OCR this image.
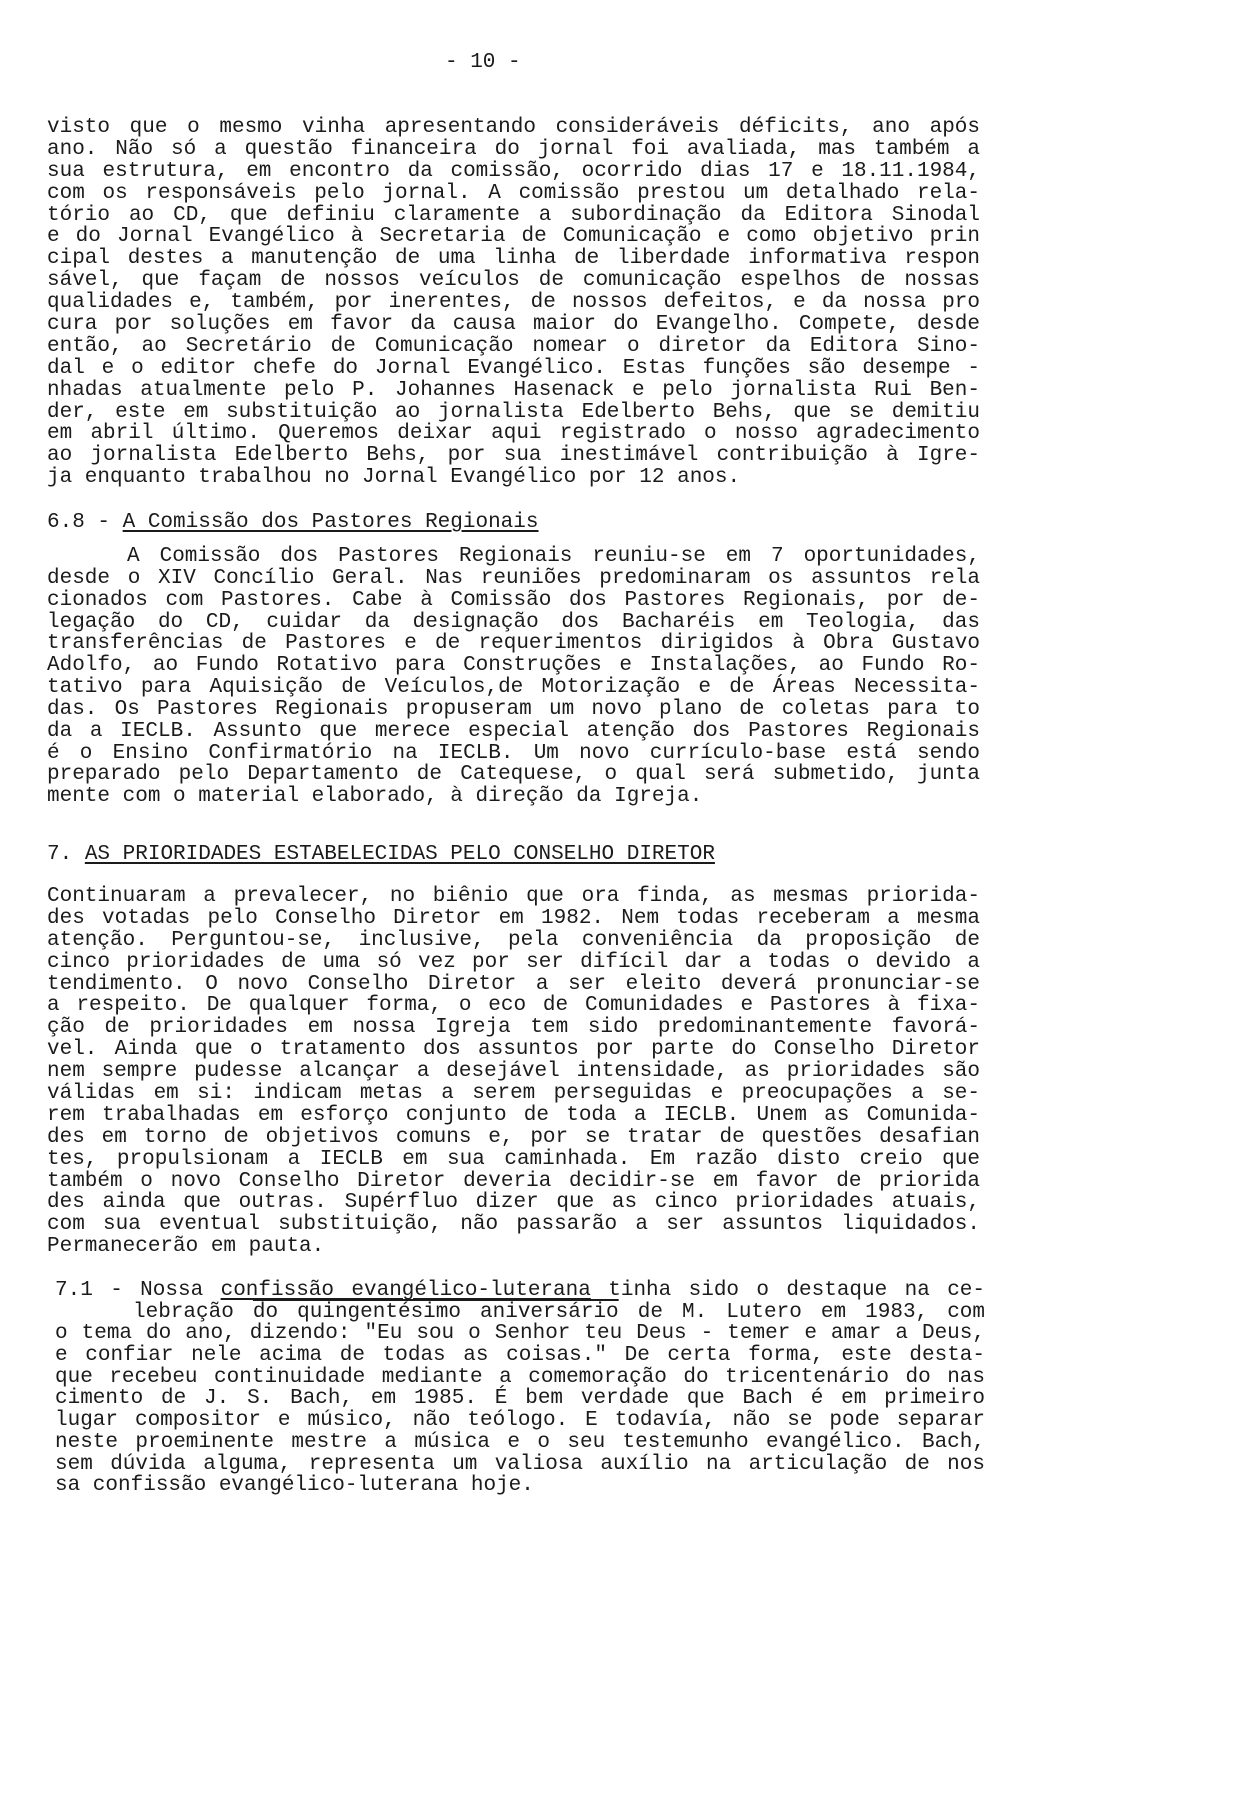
- 10 -
visto que o mesmo vinha apresentando consideráveis déficits, ano após
ano. Não só a questão financeira do jornal foi avaliada, mas também a
sua estrutura, em encontro da comissão, ocorrido dias 17 e 18.11.1984,
com os responsáveis pelo jornal. A comissão prestou um detalhado rela-
tório ao CD, que definiu claramente a subordinação da Editora Sinodal
e do Jornal Evangélico à Secretaria de Comunicação e como objetivo prin
cipal destes a manutenção de uma linha de liberdade informativa respon
sável, que façam de nossos veículos de comunicação espelhos de nossas
qualidades e, também, por inerentes, de nossos defeitos, e da nossa pro
cura por soluções em favor da causa maior do Evangelho. Compete, desde
então, ao Secretário de Comunicação nomear o diretor da Editora Sino-
dal e o editor chefe do Jornal Evangélico. Estas funções são desempe -
nhadas atualmente pelo P. Johannes Hasenack e pelo jornalista Rui Ben-
der, este em substituição ao jornalista Edelberto Behs, que se demitiu
em abril último. Queremos deixar aqui registrado o nosso agradecimento
ao jornalista Edelberto Behs, por sua inestimável contribuição à Igre-
ja enquanto trabalhou no Jornal Evangélico por 12 anos.
6.8 - A Comissão dos Pastores Regionais
A Comissão dos Pastores Regionais reuniu-se em 7 oportunidades,
desde o XIV Concílio Geral. Nas reuniões predominaram os assuntos rela
cionados com Pastores. Cabe à Comissão dos Pastores Regionais, por de-
legação do CD, cuidar da designação dos Bacharéis em Teologia, das
transferências de Pastores e de requerimentos dirigidos à Obra Gustavo
Adolfo, ao Fundo Rotativo para Construções e Instalações, ao Fundo Ro-
tativo para Aquisição de Veículos,de Motorização e de Áreas Necessita-
das. Os Pastores Regionais propuseram um novo plano de coletas para to
da a IECLB. Assunto que merece especial atenção dos Pastores Regionais
é o Ensino Confirmatório na IECLB. Um novo currículo-base está sendo
preparado pelo Departamento de Catequese, o qual será submetido, junta
mente com o material elaborado, à direção da Igreja.
7. AS PRIORIDADES ESTABELECIDAS PELO CONSELHO DIRETOR
Continuaram a prevalecer, no biênio que ora finda, as mesmas priorida-
des votadas pelo Conselho Diretor em 1982. Nem todas receberam a mesma
atenção. Perguntou-se, inclusive, pela conveniência da proposição de
cinco prioridades de uma só vez por ser difícil dar a todas o devido a
tendimento. O novo Conselho Diretor a ser eleito deverá pronunciar-se
a respeito. De qualquer forma, o eco de Comunidades e Pastores à fixa-
ção de prioridades em nossa Igreja tem sido predominantemente favorá-
vel. Ainda que o tratamento dos assuntos por parte do Conselho Diretor
nem sempre pudesse alcançar a desejável intensidade, as prioridades são
válidas em si: indicam metas a serem perseguidas e preocupações a se-
rem trabalhadas em esforço conjunto de toda a IECLB. Unem as Comunida-
des em torno de objetivos comuns e, por se tratar de questões desafian
tes, propulsionam a IECLB em sua caminhada. Em razão disto creio que
também o novo Conselho Diretor deveria decidir-se em favor de priorida
des ainda que outras. Supérfluo dizer que as cinco prioridades atuais,
com sua eventual substituição, não passarão a ser assuntos liquidados.
Permanecerão em pauta.
7.1 - Nossa confissão evangélico-luterana tinha sido o destaque na ce-
lebração do quingentésimo aniversário de M. Lutero em 1983, com
o tema do ano, dizendo: "Eu sou o Senhor teu Deus - temer e amar a Deus,
e confiar nele acima de todas as coisas." De certa forma, este desta-
que recebeu continuidade mediante a comemoração do tricentenário do nas
cimento de J. S. Bach, em 1985. É bem verdade que Bach é em primeiro
lugar compositor e músico, não teólogo. E todavía, não se pode separar
neste proeminente mestre a música e o seu testemunho evangélico. Bach,
sem dúvida alguma, representa um valiosa auxílio na articulação de nos
sa confissão evangélico-luterana hoje.
